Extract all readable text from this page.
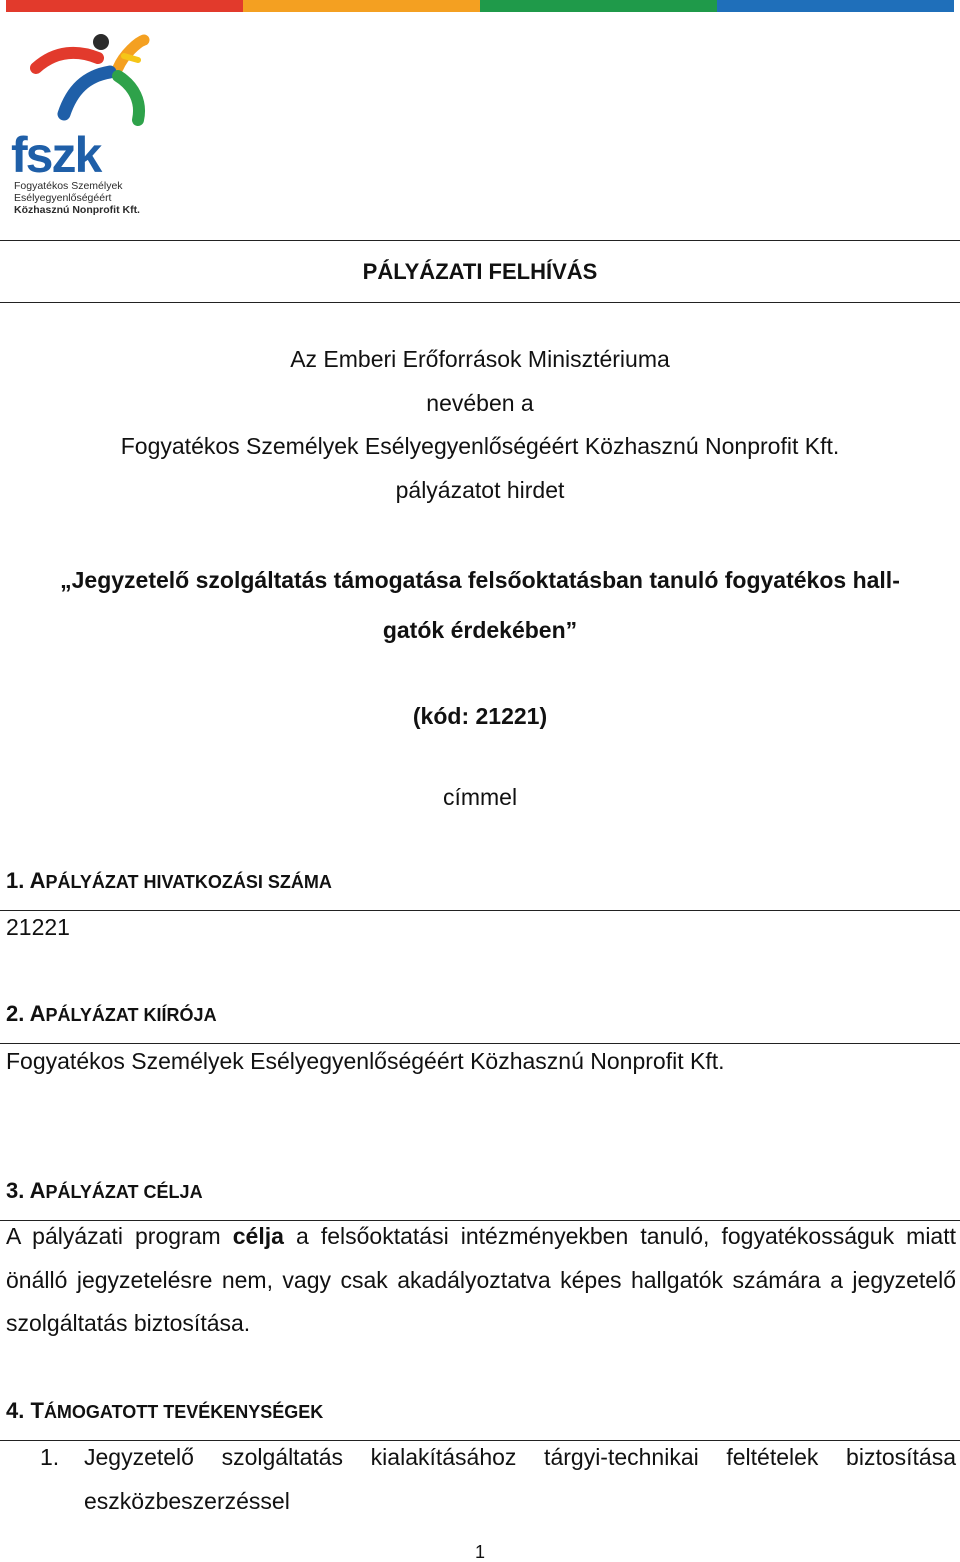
fszk
Fogyatékos Személyek
Esélyegyenlőségéért
Közhasznú Nonprofit Kft.
PÁLYÁZATI FELHÍVÁS
Az Emberi Erőforrások Minisztériuma
nevében a
Fogyatékos Személyek Esélyegyenlőségéért Közhasznú Nonprofit Kft.
pályázatot hirdet
„Jegyzetelő szolgáltatás támogatása felsőoktatásban tanuló fogyatékos hall-
gatók érdekében”
(kód: 21221)
címmel
1. APÁLYÁZAT HIVATKOZÁSI SZÁMA
21221
2. APÁLYÁZAT KIÍRÓJA
Fogyatékos Személyek Esélyegyenlőségéért Közhasznú Nonprofit Kft.
3. APÁLYÁZAT CÉLJA
A pályázati program célja a felsőoktatási intézményekben tanuló, fogyatékosságuk miatt önálló jegyzetelésre nem, vagy csak akadályoztatva képes hallgatók számára a jegyzetelő szolgáltatás biztosítása.
4. TÁMOGATOTT TEVÉKENYSÉGEK
1. Jegyzetelő szolgáltatás kialakításához tárgyi-technikai feltételek biztosítása eszközbeszerzéssel
1
